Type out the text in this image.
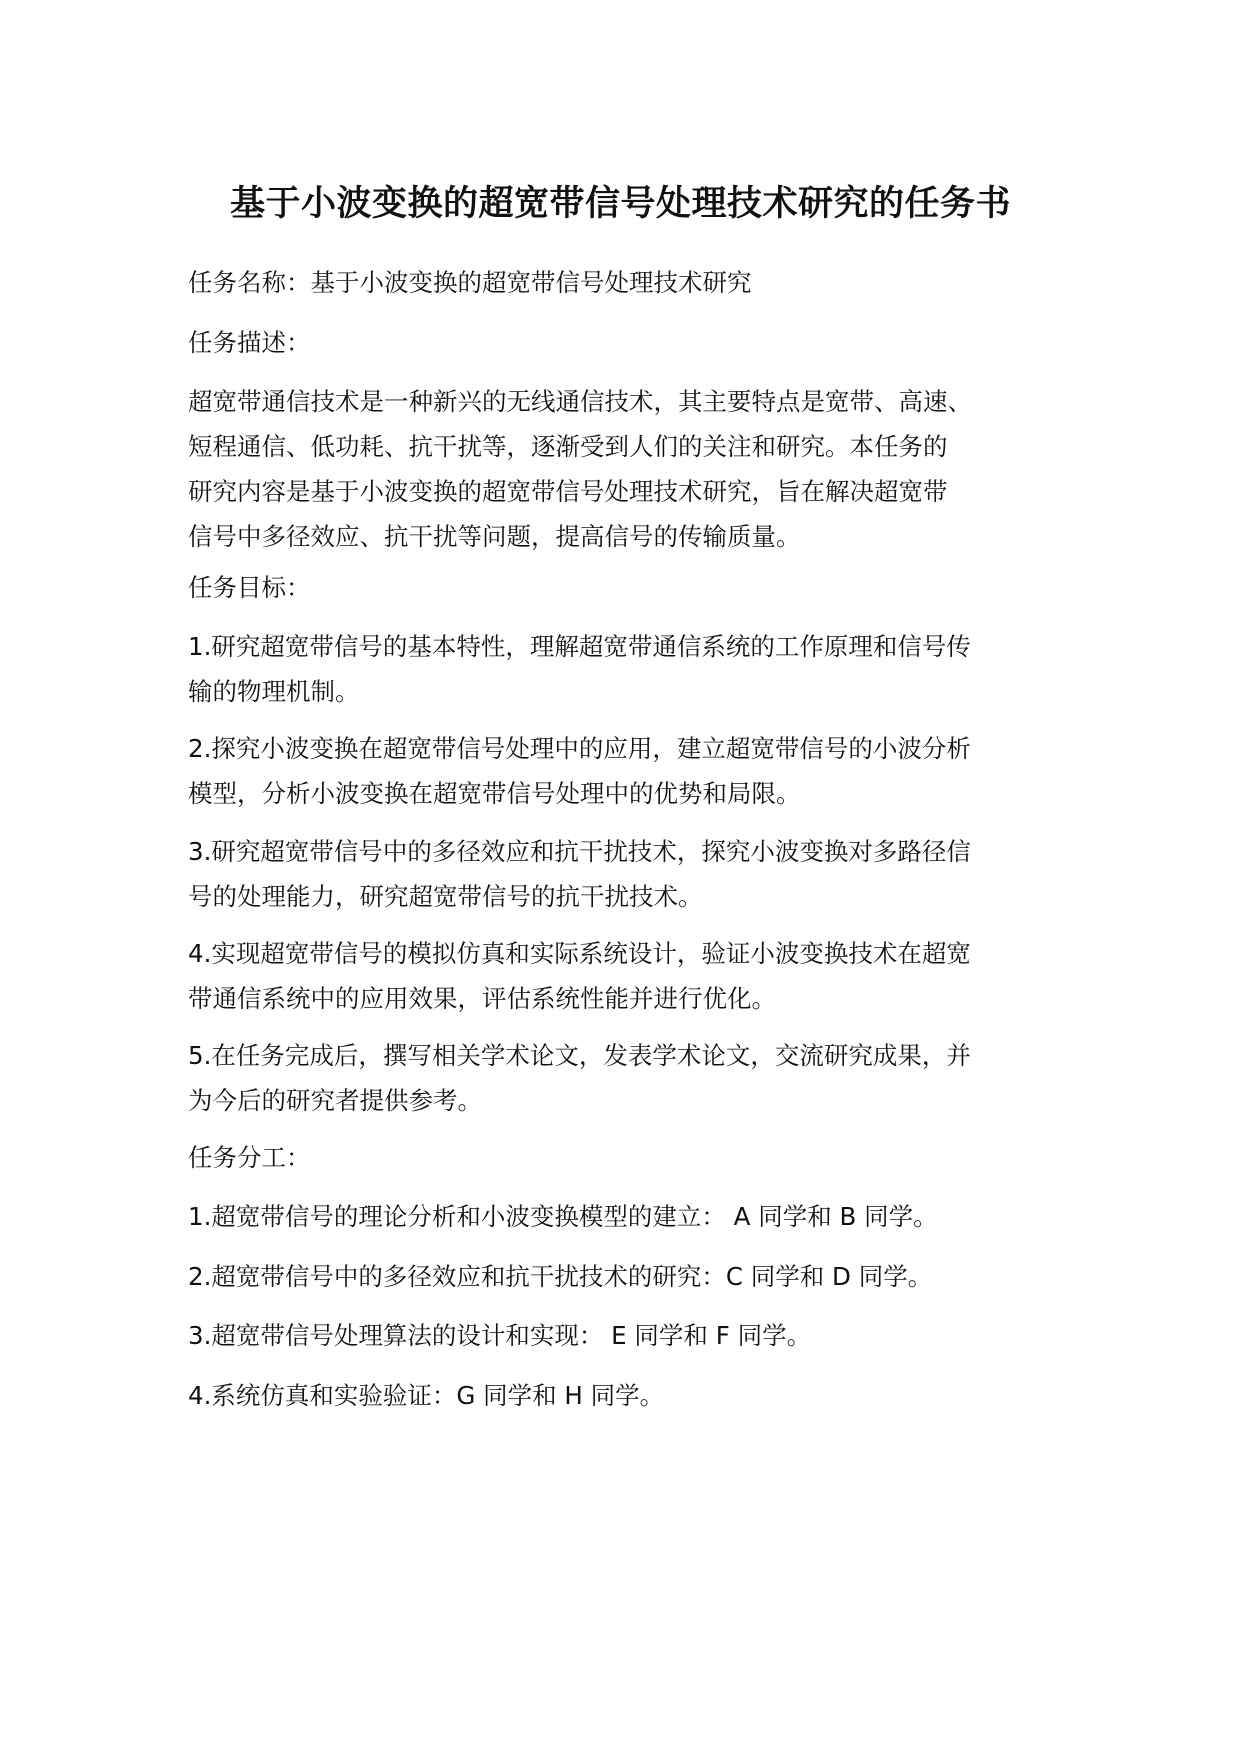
基于小波变换的超宽带信号处理技术研究的任务书

任务名称：基于小波变换的超宽带信号处理技术研究

任务描述：

超宽带通信技术是一种新兴的无线通信技术，其主要特点是宽带、高速、
短程通信、低功耗、抗干扰等，逐渐受到人们的关注和研究。本任务的
研究内容是基于小波变换的超宽带信号处理技术研究，旨在解决超宽带
信号中多径效应、抗干扰等问题，提高信号的传输质量。

任务目标：

1.研究超宽带信号的基本特性，理解超宽带通信系统的工作原理和信号传
输的物理机制。

2.探究小波变换在超宽带信号处理中的应用，建立超宽带信号的小波分析
模型，分析小波变换在超宽带信号处理中的优势和局限。

3.研究超宽带信号中的多径效应和抗干扰技术，探究小波变换对多路径信
号的处理能力，研究超宽带信号的抗干扰技术。

4.实现超宽带信号的模拟仿真和实际系统设计，验证小波变换技术在超宽
带通信系统中的应用效果，评估系统性能并进行优化。

5.在任务完成后，撰写相关学术论文，发表学术论文，交流研究成果，并
为今后的研究者提供参考。

任务分工：

1.超宽带信号的理论分析和小波变换模型的建立： A 同学和 B 同学。

2.超宽带信号中的多径效应和抗干扰技术的研究：C 同学和 D 同学。

3.超宽带信号处理算法的设计和实现： E 同学和 F 同学。

4.系统仿真和实验验证：G 同学和 H 同学。
